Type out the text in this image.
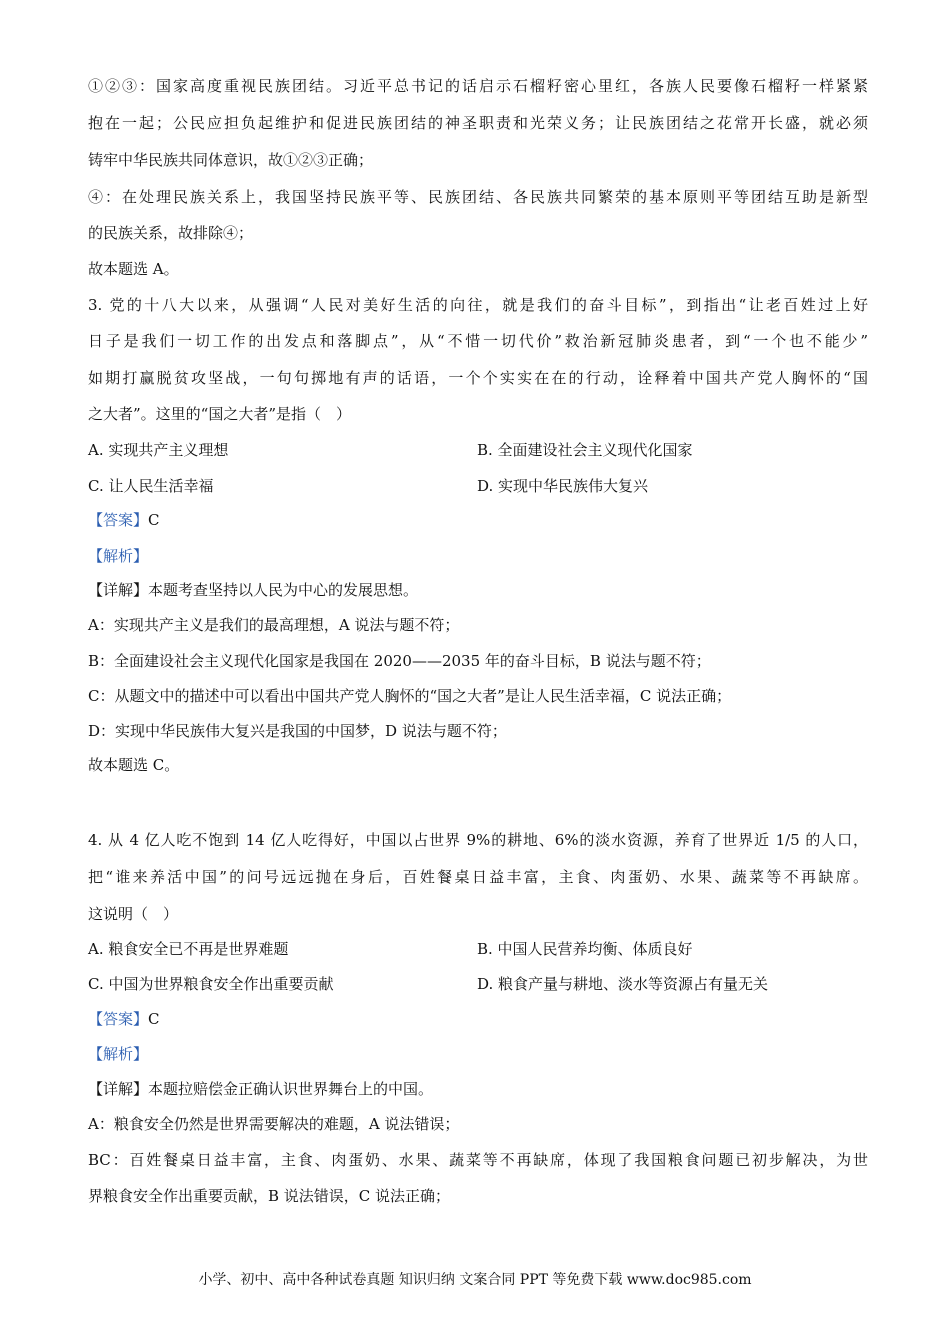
①②③：国家高度重视民族团结。习近平总书记的话启示石榴籽密心里红，各族人民要像石榴籽一样紧紧
抱在一起；公民应担负起维护和促进民族团结的神圣职责和光荣义务；让民族团结之花常开长盛，就必须
铸牢中华民族共同体意识，故①②③正确；
④：在处理民族关系上，我国坚持民族平等、民族团结、各民族共同繁荣的基本原则平等团结互助是新型
的民族关系，故排除④；
故本题选 A。
3. 党的十八大以来，从强调“人民对美好生活的向往，就是我们的奋斗目标”，到指出“让老百姓过上好
日子是我们一切工作的出发点和落脚点”，从“不惜一切代价”救治新冠肺炎患者，到“一个也不能少”
如期打赢脱贫攻坚战，一句句掷地有声的话语，一个个实实在在的行动，诠释着中国共产党人胸怀的“国
之大者”。这里的“国之大者”是指（　）
A. 实现共产主义理想	B. 全面建设社会主义现代化国家
C. 让人民生活幸福	D. 实现中华民族伟大复兴
【答案】C
【解析】
【详解】本题考查坚持以人民为中心的发展思想。
A：实现共产主义是我们的最高理想，A 说法与题不符；
B：全面建设社会主义现代化国家是我国在 2020——2035 年的奋斗目标，B 说法与题不符；
C：从题文中的描述中可以看出中国共产党人胸怀的“国之大者”是让人民生活幸福，C 说法正确；
D：实现中华民族伟大复兴是我国的中国梦，D 说法与题不符；
故本题选 C。
4. 从 4 亿人吃不饱到 14 亿人吃得好，中国以占世界 9%的耕地、6%的淡水资源，养育了世界近 1/5 的人口，
把“谁来养活中国”的问号远远抛在身后，百姓餐桌日益丰富，主食、肉蛋奶、水果、蔬菜等不再缺席。
这说明（　）
A. 粮食安全已不再是世界难题	B. 中国人民营养均衡、体质良好
C. 中国为世界粮食安全作出重要贡献	D. 粮食产量与耕地、淡水等资源占有量无关
【答案】C
【解析】
【详解】本题拉赔偿金正确认识世界舞台上的中国。
A：粮食安全仍然是世界需要解决的难题，A 说法错误；
BC：百姓餐桌日益丰富，主食、肉蛋奶、水果、蔬菜等不再缺席，体现了我国粮食问题已初步解决，为世
界粮食安全作出重要贡献，B 说法错误，C 说法正确；
小学、初中、高中各种试卷真题 知识归纳 文案合同 PPT 等免费下载 www.doc985.com
